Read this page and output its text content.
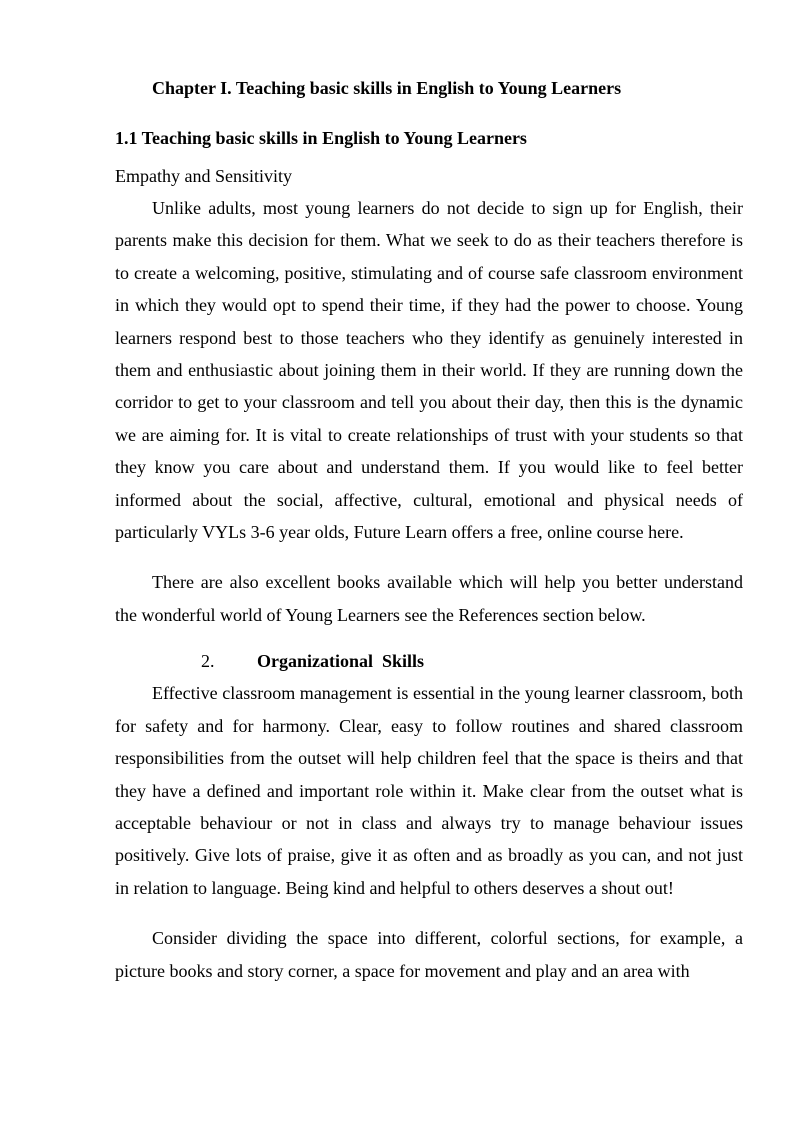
Chapter I. Teaching basic skills in English to Young Learners
1.1 Teaching basic skills in English to Young Learners
Empathy and Sensitivity

Unlike adults, most young learners do not decide to sign up for English, their parents make this decision for them. What we seek to do as their teachers therefore is to create a welcoming, positive, stimulating and of course safe classroom environment in which they would opt to spend their time, if they had the power to choose. Young learners respond best to those teachers who they identify as genuinely interested in them and enthusiastic about joining them in their world. If they are running down the corridor to get to your classroom and tell you about their day, then this is the dynamic we are aiming for. It is vital to create relationships of trust with your students so that they know you care about and understand them. If you would like to feel better informed about the social, affective, cultural, emotional and physical needs of particularly VYLs 3-6 year olds, Future Learn offers a free, online course here.

There are also excellent books available which will help you better understand the wonderful world of Young Learners see the References section below.

2.	Organizational  Skills

Effective classroom management is essential in the young learner classroom, both for safety and for harmony. Clear, easy to follow routines and shared classroom responsibilities from the outset will help children feel that the space is theirs and that they have a defined and important role within it. Make clear from the outset what is acceptable behaviour or not in class and always try to manage behaviour issues positively. Give lots of praise, give it as often and as broadly as you can, and not just in relation to language. Being kind and helpful to others deserves a shout out!

Consider dividing the space into different, colorful sections, for example, a picture books and story corner, a space for movement and play and an area with
